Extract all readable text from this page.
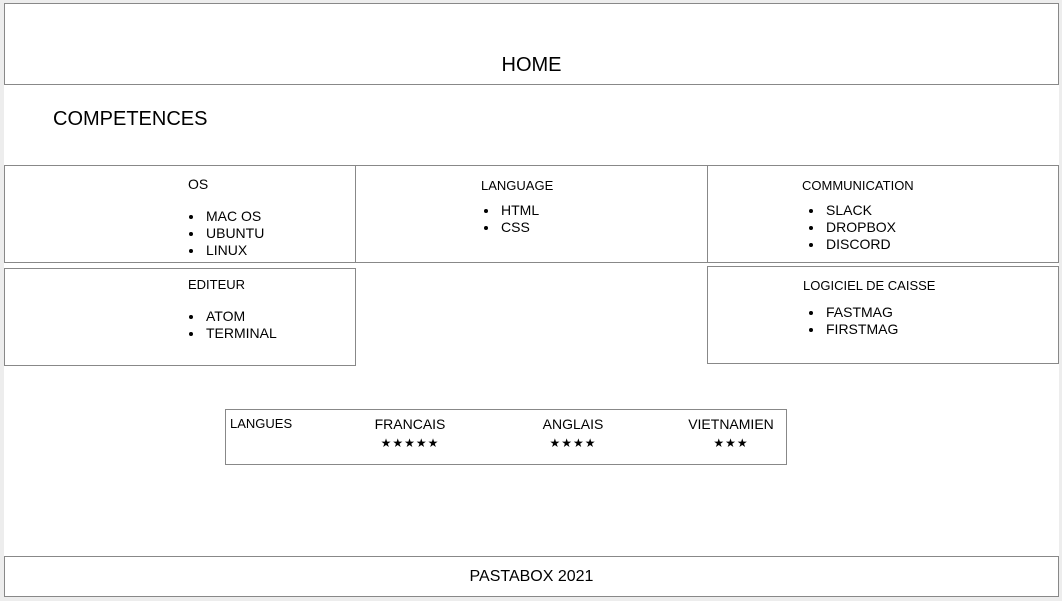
HOME
COMPETENCES
OS
MAC OS
UBUNTU
LINUX
LANGUAGE
HTML
CSS
COMMUNICATION
SLACK
DROPBOX
DISCORD
EDITEUR
ATOM
TERMINAL
LOGICIEL DE CAISSE
FASTMAG
FIRSTMAG
LANGUES	FRANCAIS
★★★★★
ANGLAIS
★★★★
VIETNAMIEN
★★★
PASTABOX 2021
